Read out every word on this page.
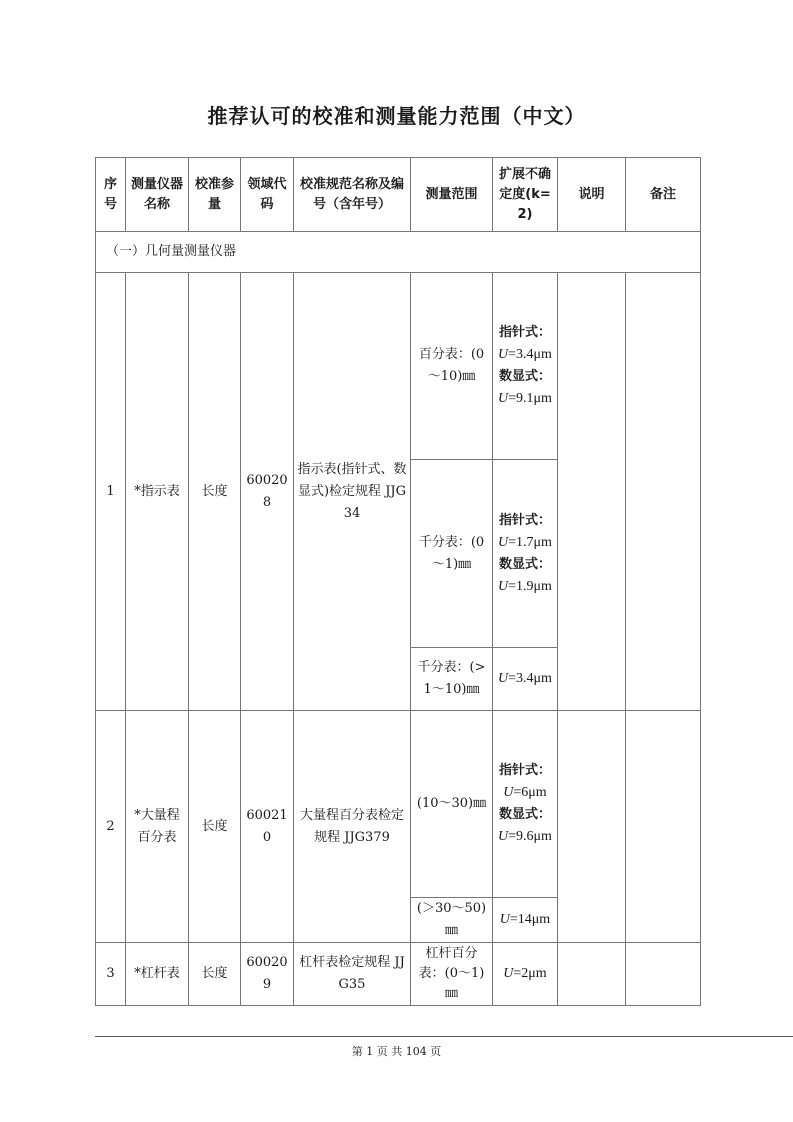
推荐认可的校准和测量能力范围（中文）
序号	测量仪器名称	校准参量	领域代码	校准规范名称及编号（含年号）	测量范围	扩展不确定度(k=2)	说明	备注
（一）几何量测量仪器								
1	*指示表	长度	600208	指示表(指针式、数显式)检定规程 JJG34	百分表：(0～10)㎜	指针式：
U=3.4μm
数显式：
U=9.1μm		
					千分表：(0～1)㎜	指针式：
U=1.7μm
数显式：
U=1.9μm		
					千分表：(>1～10)㎜	U=3.4μm		
2	*大量程百分表	长度	600210	大量程百分表检定规程 JJG379	(10～30)㎜	指针式：
U=6μm
数显式：
U=9.6μm		
					(＞30～50)㎜	U=14μm		
3	*杠杆表	长度	600209	杠杆表检定规程 JJG35	杠杆百分表：(0～1)㎜	U=2μm		
第 1 页 共 104 页
